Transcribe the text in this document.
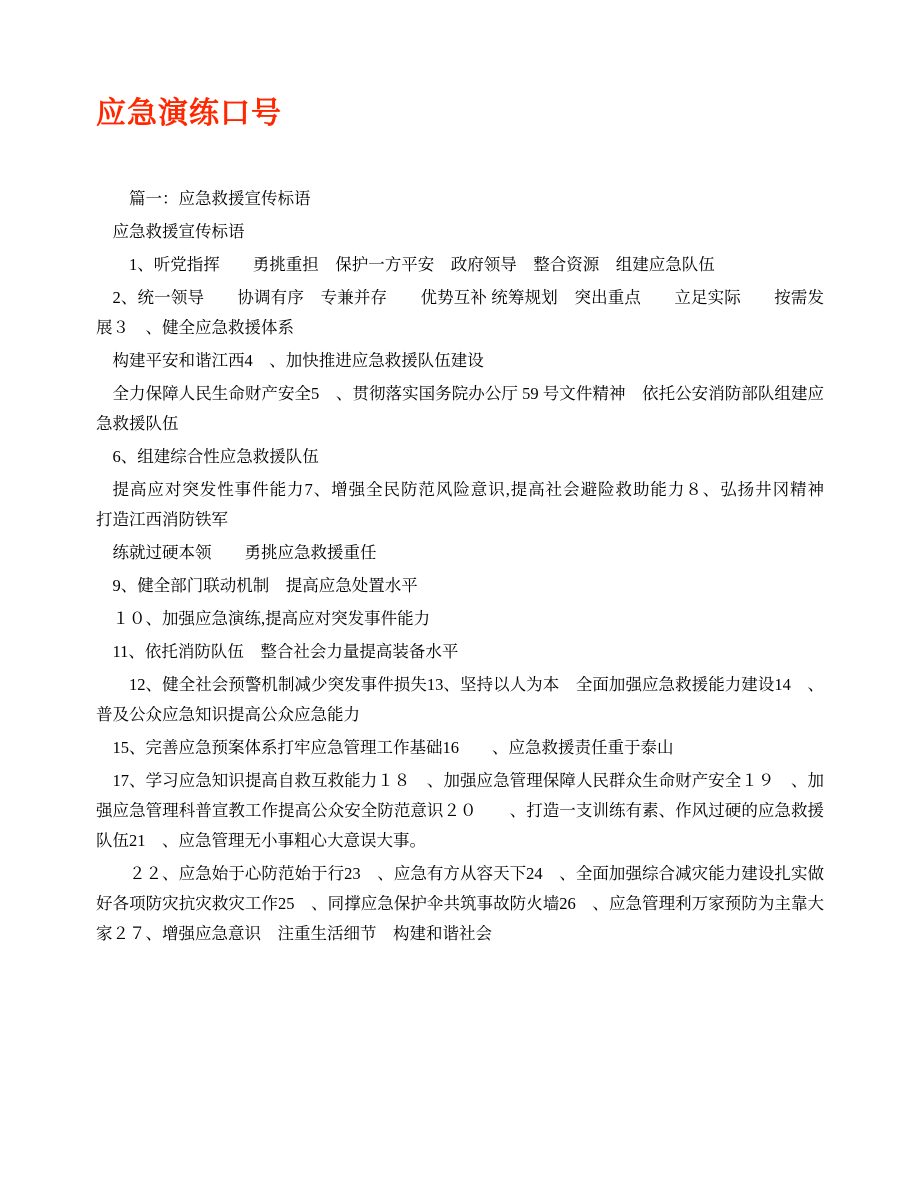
应急演练口号

篇一：应急救援宣传标语

应急救援宣传标语

1、听党指挥　　勇挑重担　保护一方平安　政府领导　整合资源　组建应急队伍

2、统一领导　　协调有序　专兼并存　　优势互补 统筹规划　突出重点　　立足实际　　按需发展３　、健全应急救援体系

构建平安和谐江西4　、加快推进应急救援队伍建设

全力保障人民生命财产安全5　、贯彻落实国务院办公厅 59 号文件精神　依托公安消防部队组建应急救援队伍

6、组建综合性应急救援队伍

提高应对突发性事件能力7、增强全民防范风险意识,提高社会避险救助能力８、弘扬井冈精神　　打造江西消防铁军

练就过硬本领　　勇挑应急救援重任

9、健全部门联动机制　提高应急处置水平

１０、加强应急演练,提高应对突发事件能力

11、依托消防队伍　整合社会力量提高装备水平

12、健全社会预警机制减少突发事件损失13、坚持以人为本　全面加强应急救援能力建设14　、普及公众应急知识提高公众应急能力

15、完善应急预案体系打牢应急管理工作基础16　　、应急救援责任重于泰山

17、学习应急知识提高自救互救能力１８　、加强应急管理保障人民群众生命财产安全１９　、加强应急管理科普宣教工作提高公众安全防范意识２０　　、打造一支训练有素、作风过硬的应急救援队伍21　、应急管理无小事粗心大意误大事。

２２、应急始于心防范始于行23　、应急有方从容天下24　、全面加强综合减灾能力建设扎实做好各项防灾抗灾救灾工作25　、同撑应急保护伞共筑事故防火墙26　、应急管理利万家预防为主靠大家２７、增强应急意识　注重生活细节　构建和谐社会
